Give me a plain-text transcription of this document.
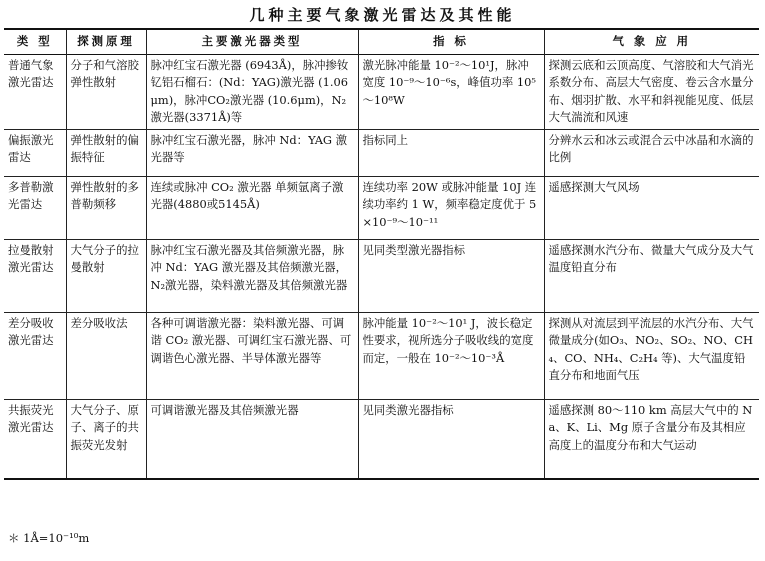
几种主要气象激光雷达及其性能
类 型	探测原理	主要激光器类型	指 标	气 象 应 用
普通气象激光雷达	分子和气溶胶弹性散射	脉冲红宝石激光器 (6943Å)，脉冲掺钕钇铝石榴石：(Nd：YAG)激光器 (1.06μm)，脉冲CO₂激光器 (10.6μm)，N₂激光器(3371Å)等	激光脉冲能量 10⁻²～10¹J，脉冲宽度 10⁻⁹～10⁻⁶s，峰值功率 10⁵～10⁸W	探测云底和云顶高度、气溶胶和大气消光系数分布、高层大气密度、卷云含水量分布、烟羽扩散、水平和斜视能见度、低层大气湍流和风速
偏振激光雷达	弹性散射的偏振特征	脉冲红宝石激光器，脉冲 Nd：YAG 激光器等	指标同上	分辨水云和冰云或混合云中冰晶和水滴的比例
多普勒激光雷达	弹性散射的多普勒频移	连续或脉冲 CO₂ 激光器 单频氩离子激光器(4880或5145Å)	连续功率 20W 或脉冲能量 10J 连续功率约 1 W，频率稳定度优于 5×10⁻⁹～10⁻¹¹	遥感探测大气风场
拉曼散射激光雷达	大气分子的拉曼散射	脉冲红宝石激光器及其倍频激光器，脉冲 Nd：YAG 激光器及其倍频激光器，N₂激光器，染料激光器及其倍频激光器	见同类型激光器指标	遥感探测水汽分布、微量大气成分及大气温度铅直分布
差分吸收激光雷达	差分吸收法	各种可调谐激光器：染料激光器、可调谐 CO₂ 激光器、可调红宝石激光器、可调谐色心激光器、半导体激光器等	脉冲能量 10⁻²～10¹ J，波长稳定性要求，视所选分子吸收线的宽度而定，一般在 10⁻²～10⁻³Å	探测从对流层到平流层的水汽分布、大气微量成分(如O₃、NO₂、SO₂、NO、CH₄、CO、NH₄、C₂H₄ 等)、大气温度铅直分布和地面气压
共振荧光激光雷达	大气分子、原子、离子的共振荧光发射	可调谐激光器及其倍频激光器	见同类激光器指标	遥感探测 80～110 km 高层大气中的 Na、K、Li、Mg 原子含量分布及其相应高度上的温度分布和大气运动
＊ 1Å=10⁻¹⁰m
